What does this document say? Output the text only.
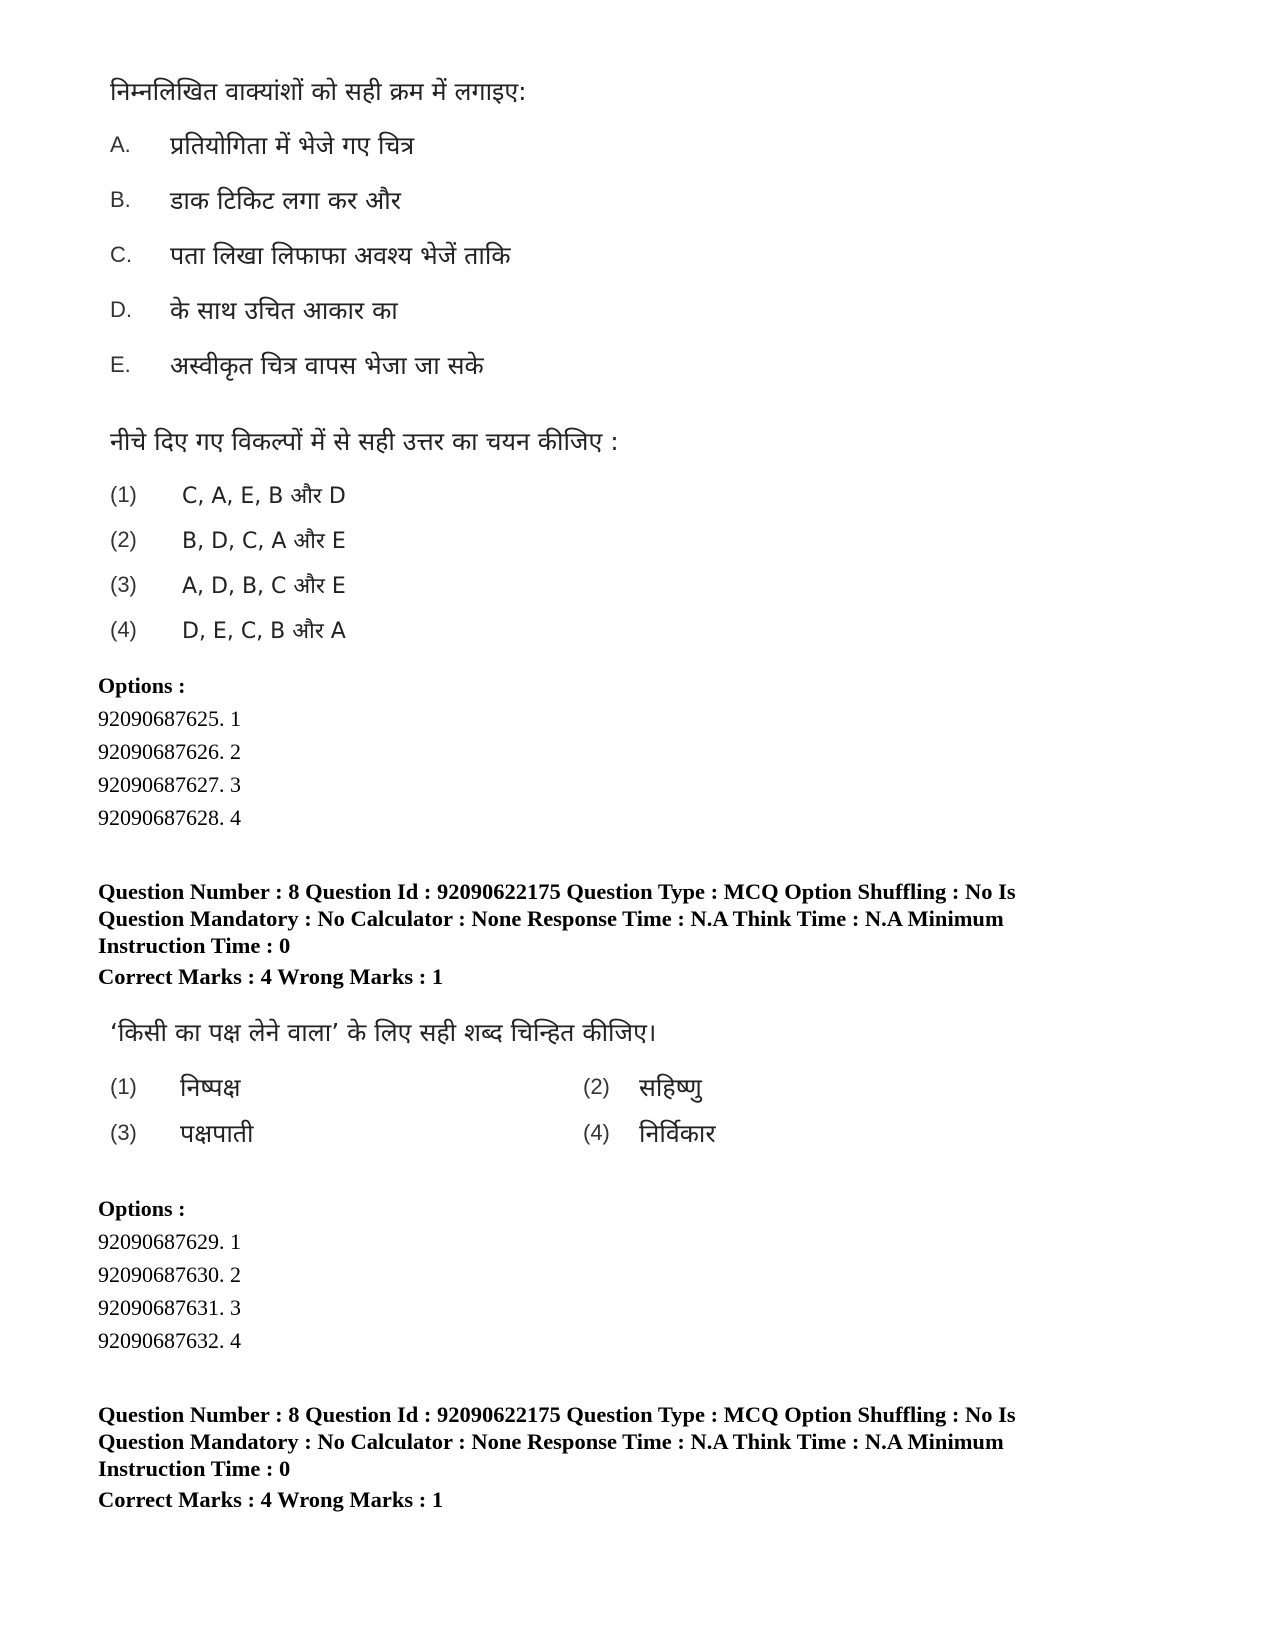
निम्नलिखित वाक्यांशों को सही क्रम में लगाइए:
A.	प्रतियोगिता में भेजे गए चित्र
B.	डाक टिकिट लगा कर और
C.	पता लिखा लिफाफा अवश्य भेजें ताकि
D.	के साथ उचित आकार का
E.	अस्वीकृत चित्र वापस भेजा जा सके
नीचे दिए गए विकल्पों में से सही उत्तर का चयन कीजिए :
(1)	C, A, E, B और D
(2)	B, D, C, A और E
(3)	A, D, B, C और E
(4)	D, E, C, B और A
Options :
92090687625. 1
92090687626. 2
92090687627. 3
92090687628. 4
Question Number : 8 Question Id : 92090622175 Question Type : MCQ Option Shuffling : No Is
Question Mandatory : No Calculator : None Response Time : N.A Think Time : N.A Minimum
Instruction Time : 0
Correct Marks : 4 Wrong Marks : 1
‘किसी का पक्ष लेने वाला’ के लिए सही शब्द चिन्हित कीजिए।
(1)	निष्पक्ष	(2)	सहिष्णु
(3)	पक्षपाती	(4)	निर्विकार
Options :
92090687629. 1
92090687630. 2
92090687631. 3
92090687632. 4
Question Number : 8 Question Id : 92090622175 Question Type : MCQ Option Shuffling : No Is
Question Mandatory : No Calculator : None Response Time : N.A Think Time : N.A Minimum
Instruction Time : 0
Correct Marks : 4 Wrong Marks : 1
